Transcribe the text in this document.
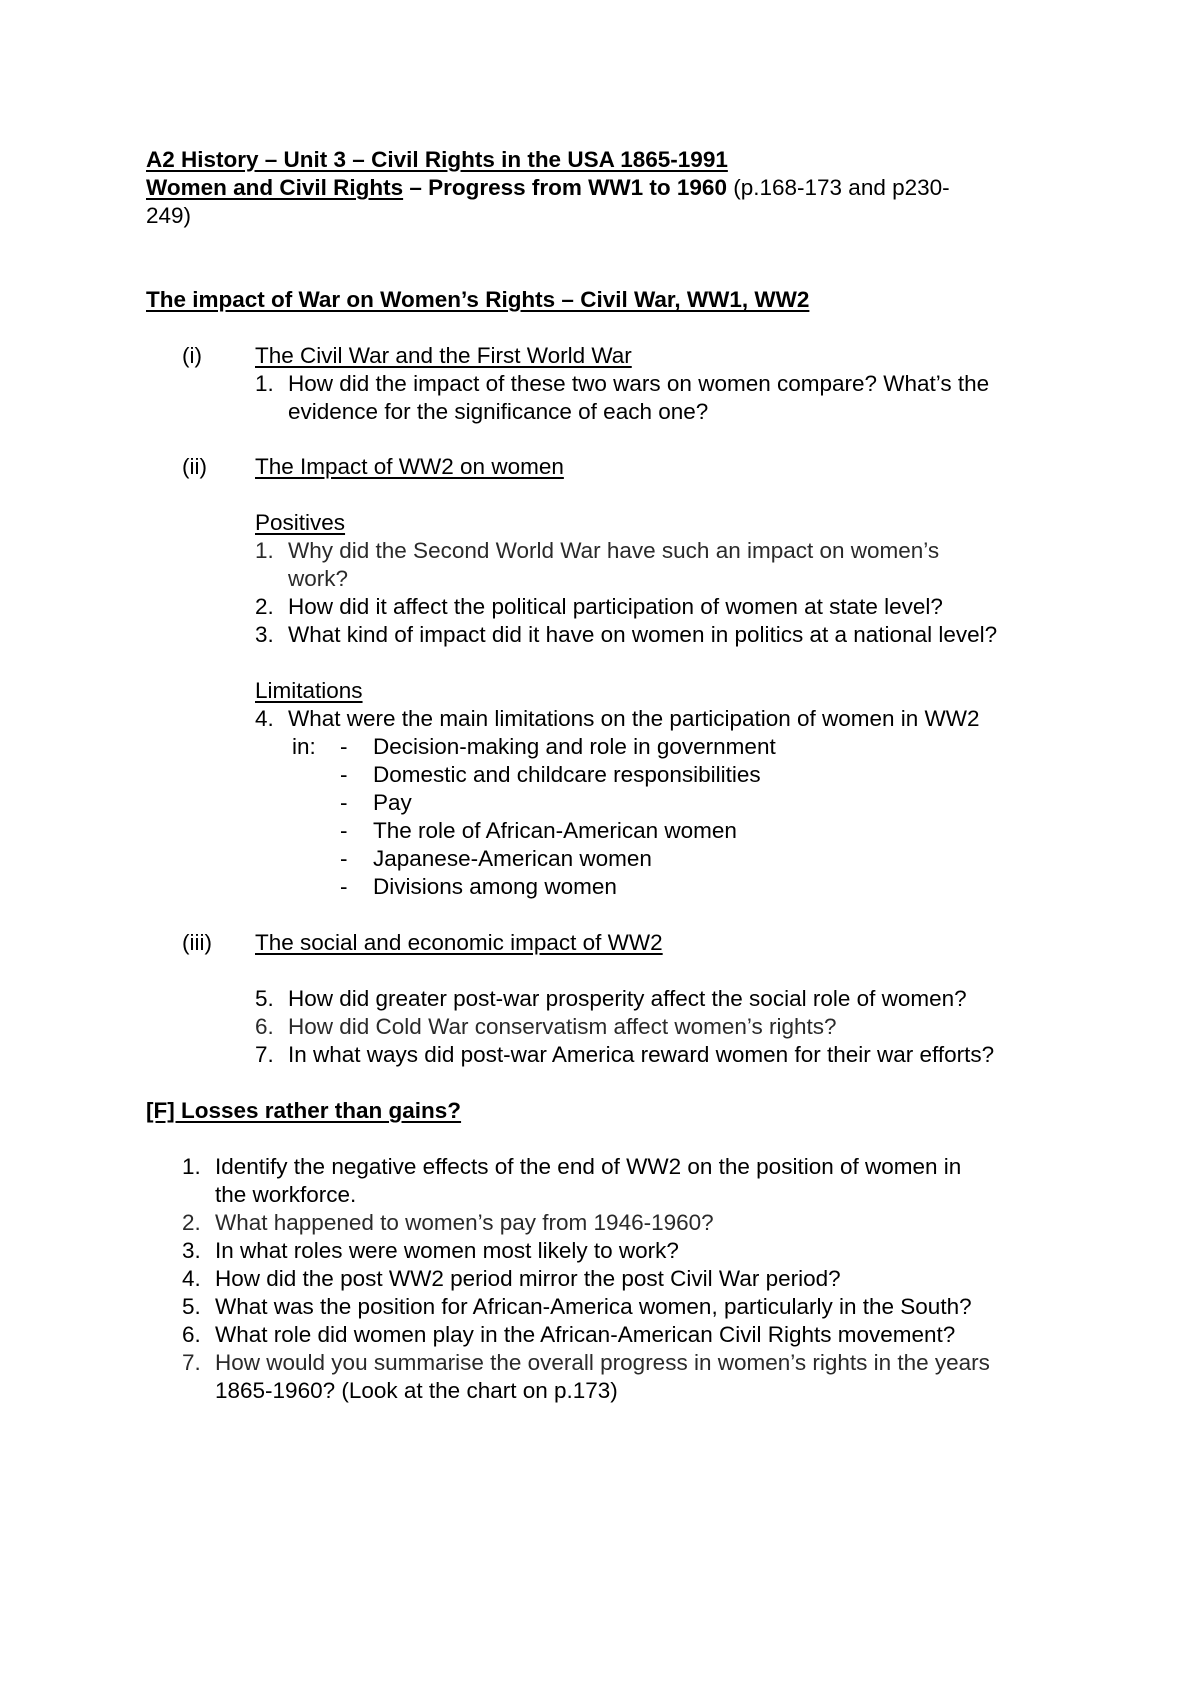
A2 History – Unit 3 – Civil Rights in the USA 1865-1991
Women and Civil Rights – Progress from WW1 to 1960 (p.168-173 and p230-
249)
The impact of War on Women’s Rights – Civil War, WW1, WW2
(i) The Civil War and the First World War
1. How did the impact of these two wars on women compare? What’s the
evidence for the significance of each one?
(ii) The Impact of WW2 on women
Positives
1. Why did the Second World War have such an impact on women’s
work?
2. How did it affect the political participation of women at state level?
3. What kind of impact did it have on women in politics at a national level?
Limitations
4. What were the main limitations on the participation of women in WW2
in: - Decision-making and role in government
- Domestic and childcare responsibilities
- Pay
- The role of African-American women
- Japanese-American women
- Divisions among women
(iii) The social and economic impact of WW2
5. How did greater post-war prosperity affect the social role of women?
6. How did Cold War conservatism affect women’s rights?
7. In what ways did post-war America reward women for their war efforts?
[F] Losses rather than gains?
1. Identify the negative effects of the end of WW2 on the position of women in
the workforce.
2. What happened to women’s pay from 1946-1960?
3. In what roles were women most likely to work?
4. How did the post WW2 period mirror the post Civil War period?
5. What was the position for African-America women, particularly in the South?
6. What role did women play in the African-American Civil Rights movement?
7. How would you summarise the overall progress in women’s rights in the years
1865-1960? (Look at the chart on p.173)
